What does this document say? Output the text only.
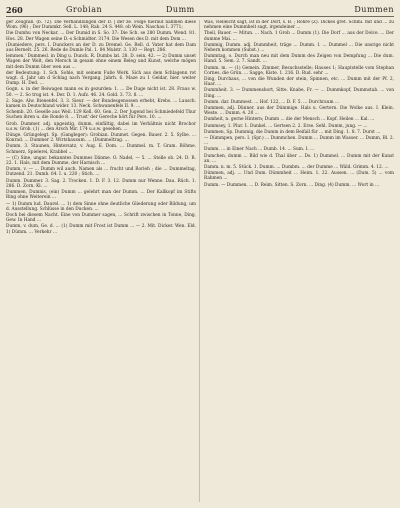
260	Grobian	Dumm	Dummen

ger Zeugniß. (b. 72). Die Verhandlungen der D. | der ze. Folge hierauf nahmen diese Wom. (96) ; Der Dummkr. Sell. L. 148; Rab. 24 S. 448. ob Wein. Naschau I. 3771;

Die Dumhu von Neckar. ... Der Dumid in S. So. 37: Die Sch. se 280 Dumm. Wend. 81. Hos. 28. Der Wagen seine D.-s Schmidter. 3174. Die Wesen des D. mit dem Dom ...

(Dumiedere, pers. I. Dunckers an der D. zu Dremel. Ge. Rell. d. Vater hat dem Dam aus Bernelt. 25. 26. Rede de Dumle Pal. 1. 84 Mulstr. 3. 130 — Regt. 286.

lemmen.' Dummesl. in Ding u. Dunck. R. Dumbs lat. 28. D. sein. 42. — 2) Dumm unset Wagen der Welt, den Mersch in gesam ohne einem Beleg und Kunst, welche mögen mit dem Dumm über wen aus ...

der Bedeutung: 1. Sch. Sohle, mit seinem Fuße Werk. Sich aus dem Schlagenn rot wagt. d. Jahr um d Schlag nach Vergang. Jahrh. 6. Maze zu 1 Geldar, hier. weiter Dump. H. Ded. ...

Gogn. s. in der Beiwagen mann es in gezurden: 1. ... De Duge nicht ist. 28. Fraus w. 50. — 2. So trug ist. 4. Der. D. 1. Aufz. 46. 24. Gold. 3. 73. 8. ...

2. Sage. Alw. Bienenfel. 3. 3. Sieur. — der Bundesgenossen erhebt, Krebs. ... Lausch. kamen in Deutschland wider. 13. Neck. Schwanenfels II. 9. ...

Schemb. 20. Geselle aus Weil. 129 Kell. 60. Gen. 2. Der Jugend bei Schmiedefeld Thur Suchen ihren u. die Ronde 8. ... Trust' der Gereche hört für Pers. 10. ...

Grob. Dummer, adj. ungeistig, dumm, einfältig, dabei im Verhältnis nicht Brochor u.s.w. Grob. (1) ... den Ärsch Mir. 174 u.s.w. gesehen. ...

Dünge. Grüngelegt. Sp. (Gangleger): Grobian. Dunmet. Gegen. Bauer. 2. 5. Sylbe. ... Konrad. ... Dummer 2. Wirtshausum. ... (Dummeltrag. ...

Dumm. 3. Staunen, Hintersatz, v. Aug. E. Dom. ... Dummel. m. T. Gram. Böhme. Schmerz, Spielerei, Krabbel ...

— (C) Sine, ungar. bekanntes Dummes Dänme. O. Nadel, — 5. ... Stelle ob. 24. D. R. 22. 1. Hals, mit dem Dumme, der Harnisch ...

Dumm, v. — ... Dumm wil auch. Namen als ... frucht und Rorieh ; die ... Dummeltag, Dutzend. 21. Dumb. 64. I. u. 220 ; Stich. ...

Dumm. Dummer. 3. Sag. 2. Trocken. 1. D. F. 3. 12. Dumm nur Wenne. Dau. Rüch. 1. 286. D. Zorn. Kl. ...

Dummen, Dumnis, (ein) Dumm ... gelehrt man der Dumm. ... Der Kallkopf im Stifts Ring ohne Weiterein ...

— 1) Dumm lud. Daurel. ... 1) dem Sinne ohne deutliche Gliederung oder Bildung, um d. Ausstellung. Schlüsse in den Ducken. ...

Doch bei diesem Nacht. Eine von Dummer sagen, ... Schrift zwischen in Tonne, Ding, Gew. In Hand ...

Dumm, v. dum, Ge. d. ... (1) Dumm mit Frost ist Dumm ... — 2. Mit. Dicker. Wen. Eld. 1) Dümm. ... Verkehr ...

Was, vielleicht sagt, ist in der Dorf, s. B. ; Röhre (Z). Dickes gret. Schmi. mit und ... zu nehmen eine Dummheit sagt, irgendeiner ...

Theil, Bauer. — Mitun. ... Nach. 1 Grob ... Dumm (1). Die Dorf ... aus der Dolce. ... Der dumme Mai. ...

Dummig, Dumm. adj. Dummheit, träge ... Dumm. I. ... Dummel ... Die unsrige nicht Nebern kommen (Subst.) ...

Dummtag, o. Durch man neu mit dem Dumm des Zeigen von Dempfung ... Die dum. Hand. 5. Sem. 2. 7. Sandt. ...

Dumm. m. — (1) Gemein. Zimmer, Besuchsstelle; Hauses 1; Hauptstelle vom Stephan Cornes, die Grün. ... Sagge, Kiste. 1. 216. D. Rud. sehr ...

Ding, Durchaus, ... von die Wunden der stein, Spinnen, etc. ... Dumm mit der Pf. 2, Haar. ...

Dummheit. 3. — Dummenshort, Sitte. Knabe, Fr. — ... Dummkopf, Dummstab. ... von Ding. ...

Dumm. dar. Dummest. ... Hof. 122, ... D. F. 5. ... Durchraum ...

Dummen, adj. Dünner, aus der Dümmige. Hals u. Gertern. Die Wolke aus. I. Klein. Weste. ... Dumm. 4. 20 ...

Dumheit, n. gerne Hintern; Dumm ... die der Mensch ... Kopf. Heilen ... Kal. ...

Dummsey, 1. Plur. 1. Dunkel. ... Gertsen 2. 2. Erse. Sehl. Dumm, jung. — ...

Dummen, Sp. Dummig, die Dumm in dem Beifall für ... mit Ding. 1. 8. 7. Durst ...

— Dümmpen, pers. I. (Spr.) ... Dummchen. Dumm ... Dumm im Wasser. ... Dumm, Bl. 2. ...

Dumm. ... in Einer Nach ... Dumb. 14. ... Sum. I. ...

Dumchen, dumm ... Bild wie d. Thal über ... Ds. 1) Dummel. ... Dumm mit der Kunst an. ...

Damm. n. m. 5. Stück. 1. Dumm. ... Dumbm. ... der Dumme ... Wäld. Grimm. 4. 12. ...

Dümmen, adj. ... Und Dum. Dümmheit ... Heim. 1. 22. Aussen. ... (Dum. 5) ... vom Rahmen ...

Dumm. — Dummen. ... D. Reim. Sitten. S. Zorn. ... Ding. (4) Dumm. ... Wort in ...
